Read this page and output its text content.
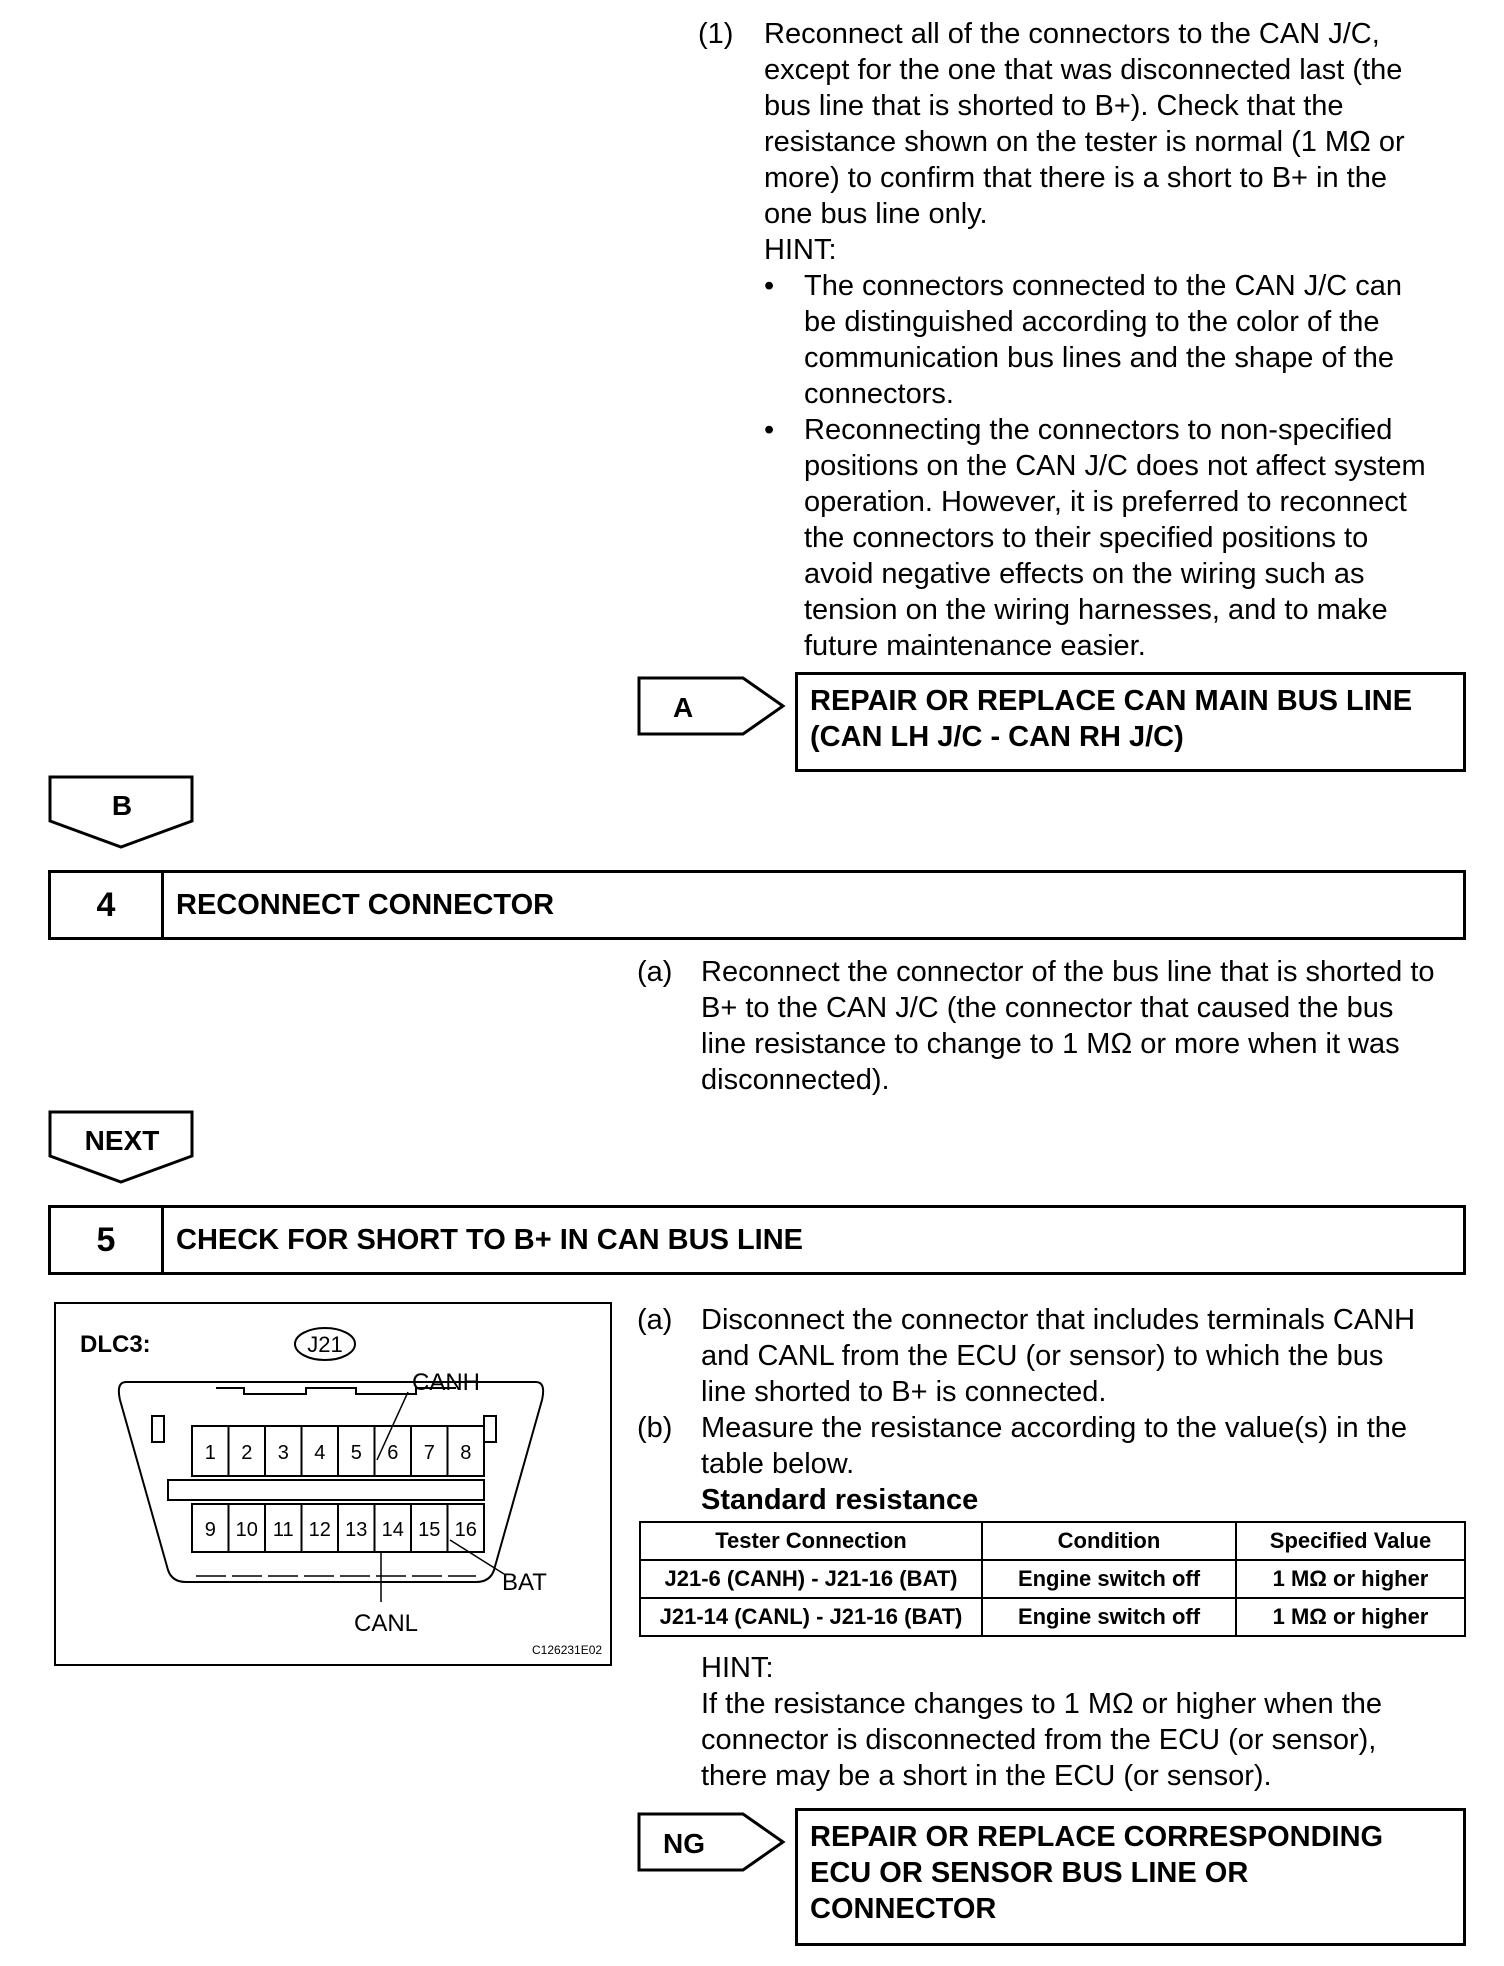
(1)	Reconnect all of the connectors to the CAN J/C,
except for the one that was disconnected last (the
bus line that is shorted to B+). Check that the
resistance shown on the tester is normal (1 MΩ or
more) to confirm that there is a short to B+ in the
one bus line only.
HINT:
•	The connectors connected to the CAN J/C can
be distinguished according to the color of the
communication bus lines and the shape of the
connectors.
•	Reconnecting the connectors to non-specified
positions on the CAN J/C does not affect system
operation. However, it is preferred to reconnect
the connectors to their specified positions to
avoid negative effects on the wiring such as
tension on the wiring harnesses, and to make
future maintenance easier.
A	REPAIR OR REPLACE CAN MAIN BUS LINE
(CAN LH J/C - CAN RH J/C)
B
4	RECONNECT CONNECTOR
(a) Reconnect the connector of the bus line that is shorted to
B+ to the CAN J/C (the connector that caused the bus
line resistance to change to 1 MΩ or more when it was
disconnected).
NEXT
5	CHECK FOR SHORT TO B+ IN CAN BUS LINE
DLC3:	J21
1 2 3 4 5 6 7 8
9 10 11 12 13 14 15 16
CANH
CANL
BAT
C126231E02
(a) Disconnect the connector that includes terminals CANH
and CANL from the ECU (or sensor) to which the bus
line shorted to B+ is connected.
(b) Measure the resistance according to the value(s) in the
table below.
Standard resistance
Tester Connection	Condition	Specified Value
J21-6 (CANH) - J21-16 (BAT)	Engine switch off	1 MΩ or higher
J21-14 (CANL) - J21-16 (BAT)	Engine switch off	1 MΩ or higher
HINT:
If the resistance changes to 1 MΩ or higher when the
connector is disconnected from the ECU (or sensor),
there may be a short in the ECU (or sensor).
NG	REPAIR OR REPLACE CORRESPONDING
ECU OR SENSOR BUS LINE OR
CONNECTOR
